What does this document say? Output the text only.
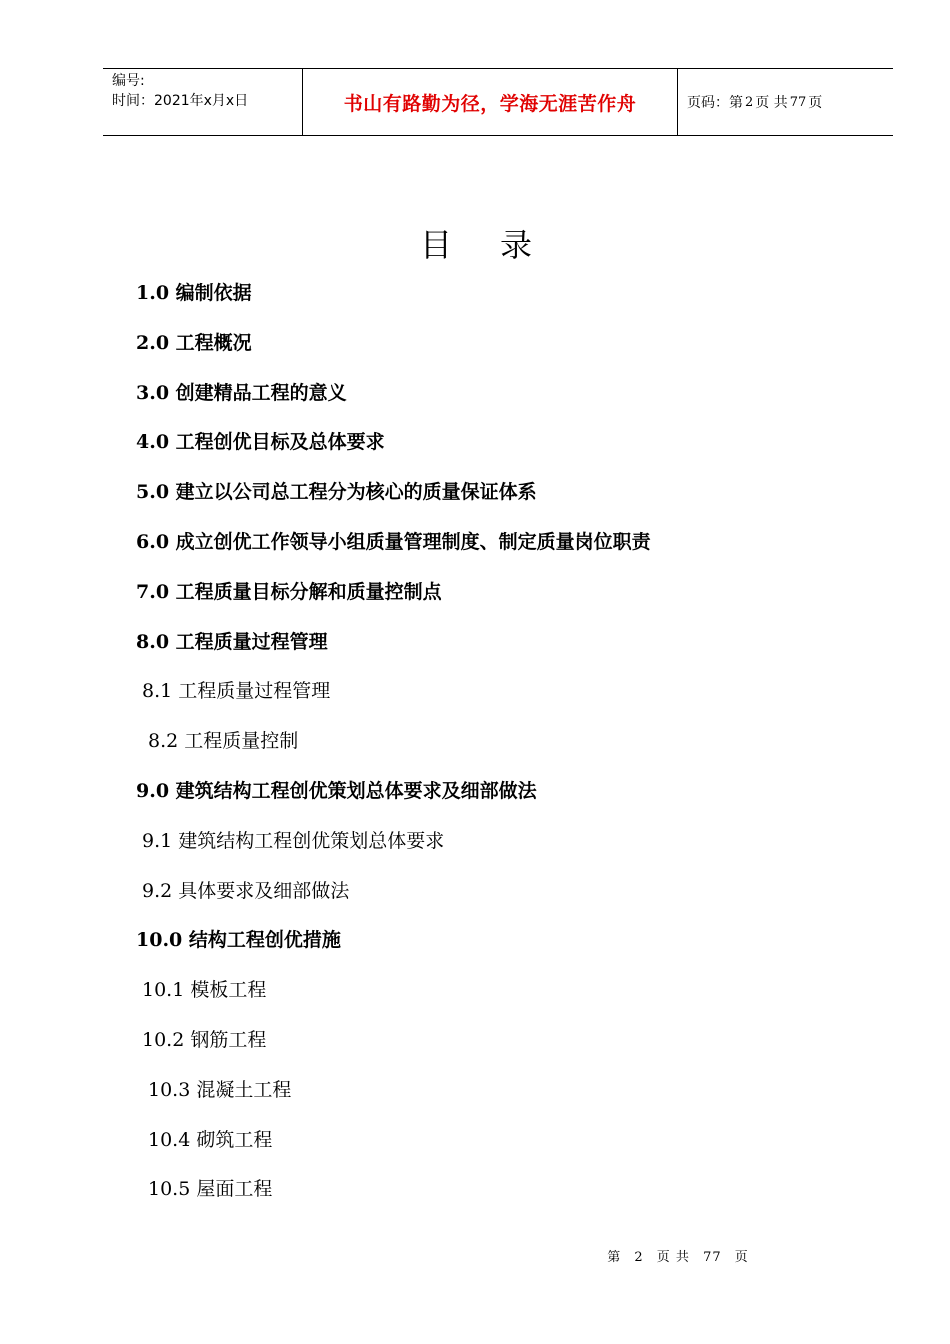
编号:
时间：2021年x月x日	书山有路勤为径，学海无涯苦作舟	页码：第 2 页 共 77 页
目录
1.0 编制依据
2.0 工程概况
3.0 创建精品工程的意义
4.0 工程创优目标及总体要求
5.0 建立以公司总工程分为核心的质量保证体系
6.0 成立创优工作领导小组质量管理制度、制定质量岗位职责
7.0 工程质量目标分解和质量控制点
8.0 工程质量过程管理
8.1 工程质量过程管理
8.2 工程质量控制
9.0 建筑结构工程创优策划总体要求及细部做法
9.1 建筑结构工程创优策划总体要求
9.2 具体要求及细部做法
10.0 结构工程创优措施
10.1 模板工程
10.2 钢筋工程
10.3 混凝土工程
10.4 砌筑工程
10.5 屋面工程
第 2 页 共 77 页
